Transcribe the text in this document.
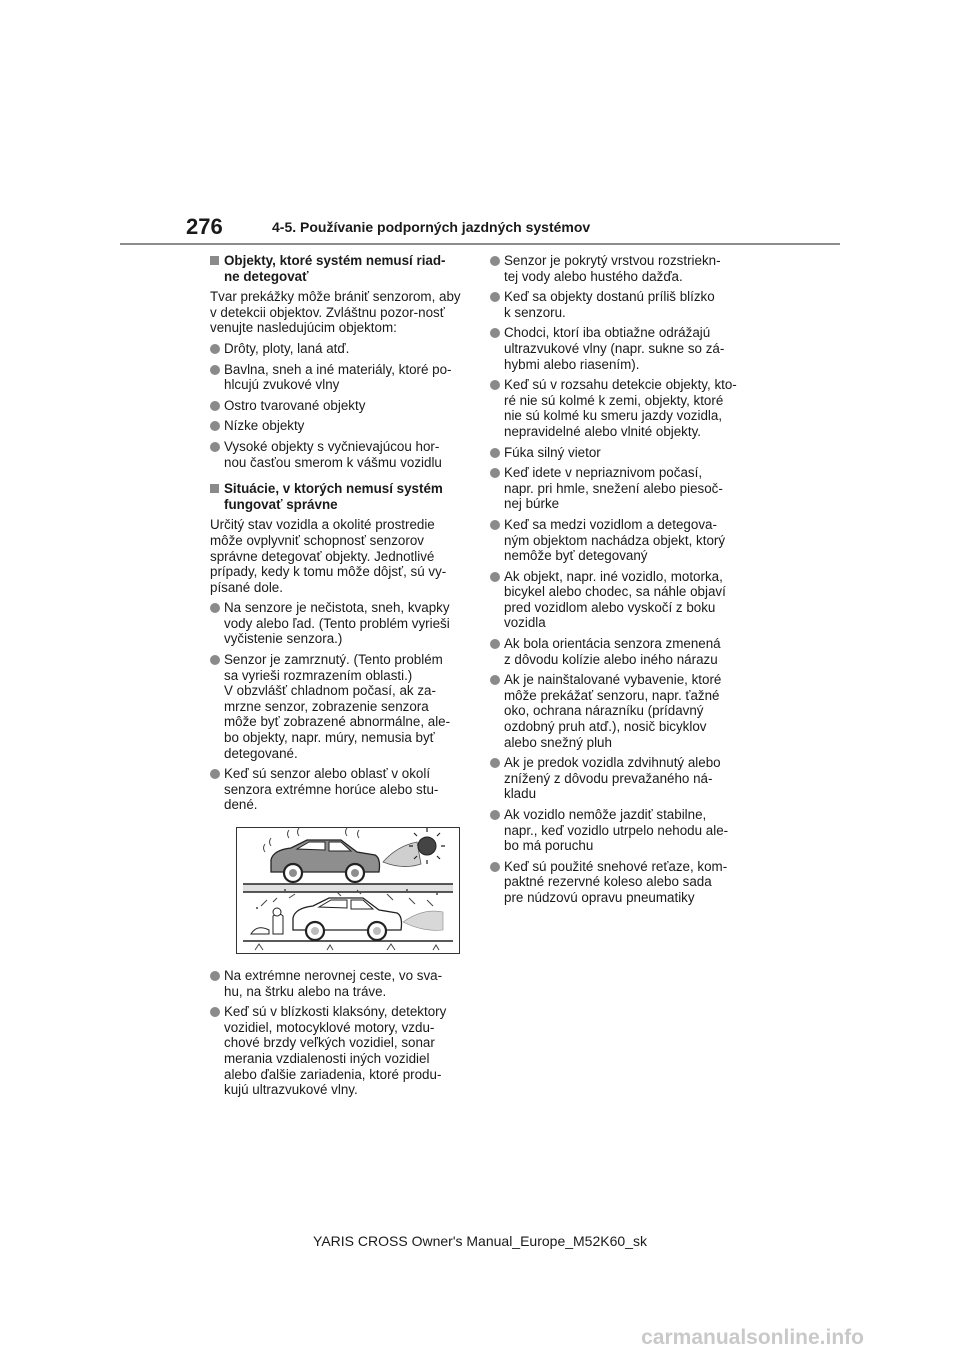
276	4-5. Používanie podporných jazdných systémov
Objekty, ktoré systém nemusí riad-
ne detegovať

Tvar prekážky môže brániť senzorom, aby v detekcii objektov. Zvláštnu pozor-nosť venujte nasledujúcim objektom:

Drôty, ploty, laná atď.
Bavlna, sneh a iné materiály, ktoré po-
hlcujú zvukové vlny
Ostro tvarované objekty
Nízke objekty
Vysoké objekty s vyčnievajúcou hor-
nou časťou smerom k vášmu vozidlu
Situácie, v ktorých nemusí systém
fungovať správne

Určitý stav vozidla a okolité prostredie môže ovplyvniť schopnosť senzorov správne detegovať objekty. Jednotlivé prípady, kedy k tomu môže dôjsť, sú vy-písané dole.

Na senzore je nečistota, sneh, kvapky
vody alebo ľad. (Tento problém vyrieši
vyčistenie senzora.)
Senzor je zamrznutý. (Tento problém
sa vyrieši rozmrazením oblasti.)
V obzvlášť chladnom počasí, ak za-
mrzne senzor, zobrazenie senzora
môže byť zobrazené abnormálne, ale-
bo objekty, napr. múry, nemusia byť
detegované.
Keď sú senzor alebo oblasť v okolí
senzora extrémne horúce alebo stu-
dené.
Na extrémne nerovnej ceste, vo sva-
hu, na štrku alebo na tráve.
Keď sú v blízkosti klaksóny, detektory
vozidiel, motocyklové motory, vzdu-
chové brzdy veľkých vozidiel, sonar
merania vzdialenosti iných vozidiel
alebo ďalšie zariadenia, ktoré produ-
kujú ultrazvukové vlny.
Senzor je pokrytý vrstvou rozstriekn-
tej vody alebo hustého dažďa.
Keď sa objekty dostanú príliš blízko
k senzoru.
Chodci, ktorí iba obtiažne odrážajú
ultrazvukové vlny (napr. sukne so zá-
hybmi alebo riasením).
Keď sú v rozsahu detekcie objekty, kto-
ré nie sú kolmé k zemi, objekty, ktoré
nie sú kolmé ku smeru jazdy vozidla,
nepravidelné alebo vlnité objekty.
Fúka silný vietor
Keď idete v nepriaznivom počasí,
napr. pri hmle, snežení alebo piesoč-
nej búrke
Keď sa medzi vozidlom a detegova-
ným objektom nachádza objekt, ktorý
nemôže byť detegovaný
Ak objekt, napr. iné vozidlo, motorka,
bicykel alebo chodec, sa náhle objaví
pred vozidlom alebo vyskočí z boku
vozidla
Ak bola orientácia senzora zmenená
z dôvodu kolízie alebo iného nárazu
Ak je nainštalované vybavenie, ktoré
môže prekážať senzoru, napr. ťažné
oko, ochrana nárazníku (prídavný
ozdobný pruh atď.), nosič bicyklov
alebo snežný pluh
Ak je predok vozidla zdvihnutý alebo
znížený z dôvodu prevažaného ná-
kladu
Ak vozidlo nemôže jazdiť stabilne,
napr., keď vozidlo utrpelo nehodu ale-
bo má poruchu
Keď sú použité snehové reťaze, kom-
paktné rezervné koleso alebo sada
pre núdzovú opravu pneumatiky
YARIS CROSS Owner's Manual_Europe_M52K60_sk
carmanualsonline.info
